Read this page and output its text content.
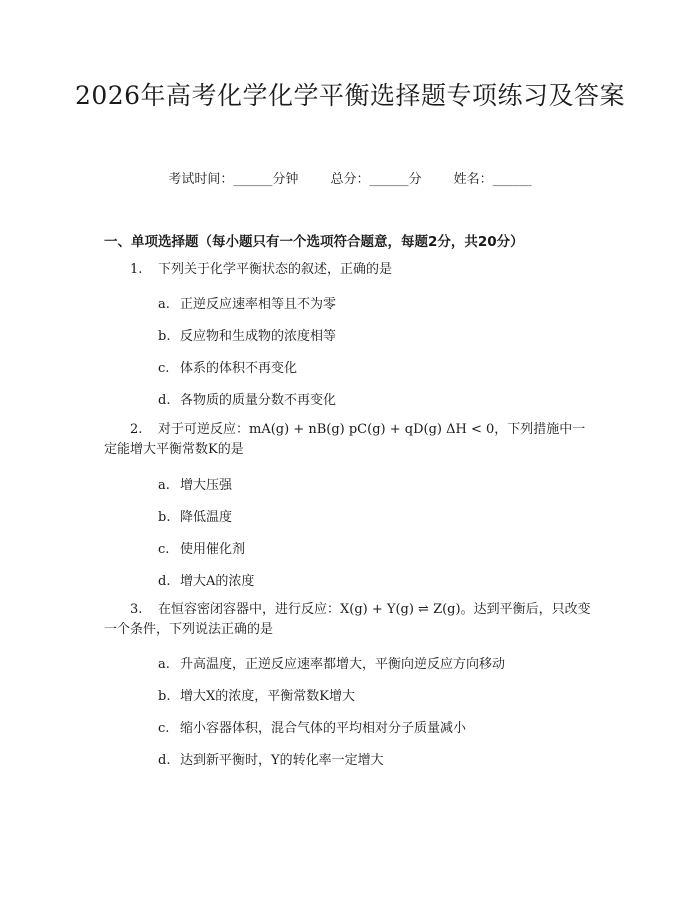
2026年高考化学化学平衡选择题专项练习及答案
考试时间：______分钟 总分：______分 姓名：______
一、单项选择题（每小题只有一个选项符合题意，每题2分，共20分）
1. 下列关于化学平衡状态的叙述，正确的是
a. 正逆反应速率相等且不为零
b. 反应物和生成物的浓度相等
c. 体系的体积不再变化
d. 各物质的质量分数不再变化
2. 对于可逆反应：mA(g) + nB(g) pC(g) + qD(g) ΔH < 0，下列措施中一定能增大平衡常数K的是
a. 增大压强
b. 降低温度
c. 使用催化剂
d. 增大A的浓度
3. 在恒容密闭容器中，进行反应：X(g) + Y(g) ⇌ Z(g)。达到平衡后，只改变一个条件，下列说法正确的是
a. 升高温度，正逆反应速率都增大，平衡向逆反应方向移动
b. 增大X的浓度，平衡常数K增大
c. 缩小容器体积，混合气体的平均相对分子质量减小
d. 达到新平衡时，Y的转化率一定增大
